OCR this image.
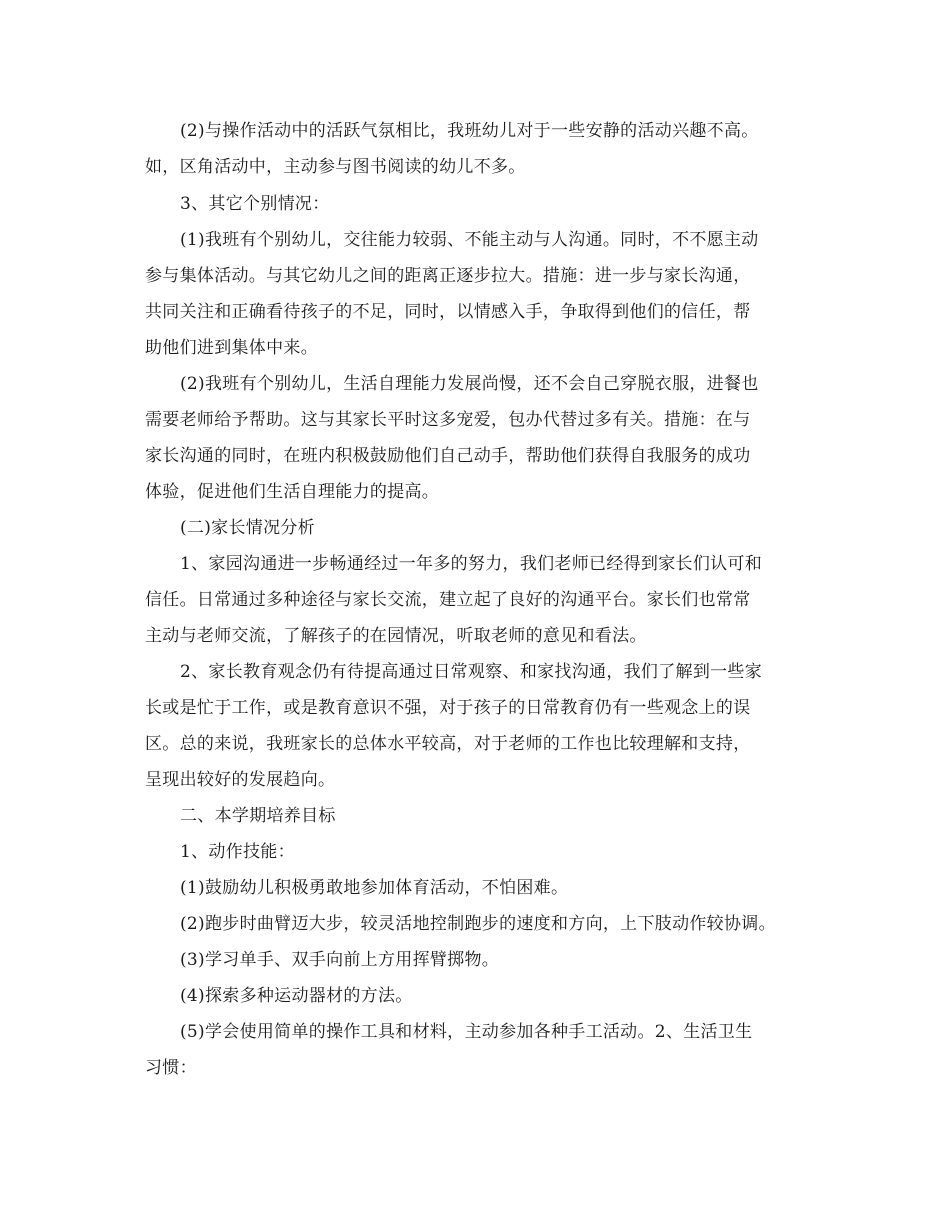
(2)与操作活动中的活跃气氛相比，我班幼儿对于一些安静的活动兴趣不高。
如，区角活动中，主动参与图书阅读的幼儿不多。
3、其它个别情况：
(1)我班有个别幼儿，交往能力较弱、不能主动与人沟通。同时，不不愿主动
参与集体活动。与其它幼儿之间的距离正逐步拉大。措施：进一步与家长沟通，
共同关注和正确看待孩子的不足，同时，以情感入手，争取得到他们的信任，帮
助他们进到集体中来。
(2)我班有个别幼儿，生活自理能力发展尚慢，还不会自己穿脱衣服，进餐也
需要老师给予帮助。这与其家长平时这多宠爱，包办代替过多有关。措施：在与
家长沟通的同时，在班内积极鼓励他们自己动手，帮助他们获得自我服务的成功
体验，促进他们生活自理能力的提高。
(二)家长情况分析
1、家园沟通进一步畅通经过一年多的努力，我们老师已经得到家长们认可和
信任。日常通过多种途径与家长交流，建立起了良好的沟通平台。家长们也常常
主动与老师交流，了解孩子的在园情况，听取老师的意见和看法。
2、家长教育观念仍有待提高通过日常观察、和家找沟通，我们了解到一些家
长或是忙于工作，或是教育意识不强，对于孩子的日常教育仍有一些观念上的误
区。总的来说，我班家长的总体水平较高，对于老师的工作也比较理解和支持，
呈现出较好的发展趋向。
二、本学期培养目标
1、动作技能：
(1)鼓励幼儿积极勇敢地参加体育活动，不怕困难。
(2)跑步时曲臂迈大步，较灵活地控制跑步的速度和方向，上下肢动作较协调。
(3)学习单手、双手向前上方用挥臂掷物。
(4)探索多种运动器材的方法。
(5)学会使用简单的操作工具和材料，主动参加各种手工活动。2、生活卫生
习惯：
